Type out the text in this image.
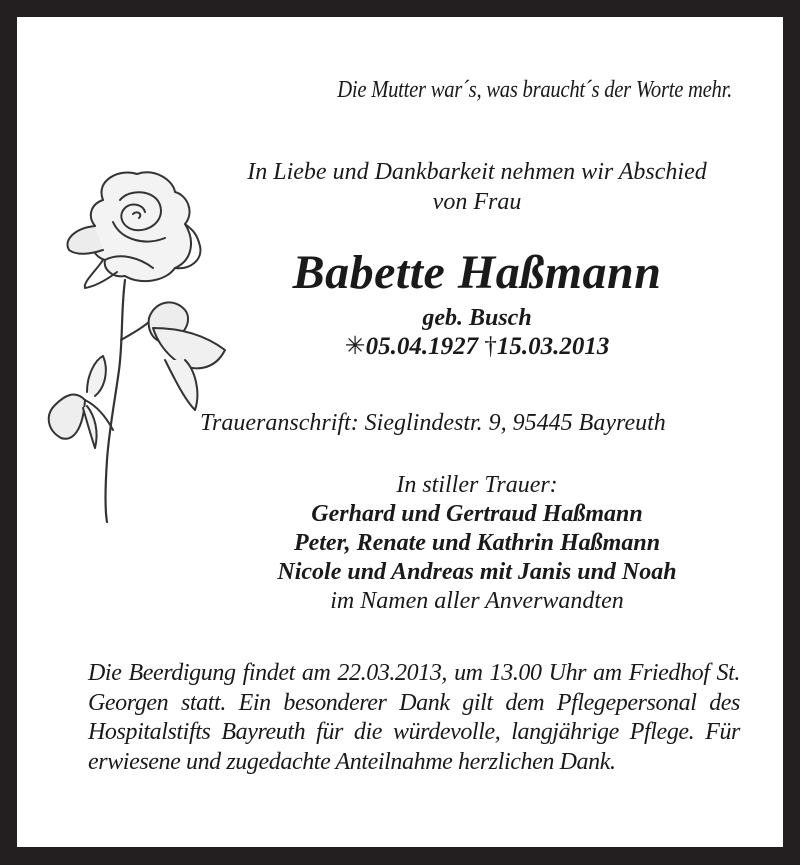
Die Mutter war´s, was braucht´s der Worte mehr.
In Liebe und Dankbarkeit nehmen wir Abschied
von Frau
Babette Haßmann
geb. Busch
✳05.04.1927 †15.03.2013
Traueranschrift: Sieglindestr. 9, 95445 Bayreuth
In stiller Trauer:
Gerhard und Gertraud Haßmann
Peter, Renate und Kathrin Haßmann
Nicole und Andreas mit Janis und Noah
im Namen aller Anverwandten
Die Beerdigung findet am 22.03.2013, um 13.00 Uhr am Friedhof St. Georgen statt. Ein besonderer Dank gilt dem Pflegepersonal des Hospitalstifts Bayreuth für die würdevolle, langjährige Pflege. Für erwiesene und zugedachte Anteilnahme herzlichen Dank.
